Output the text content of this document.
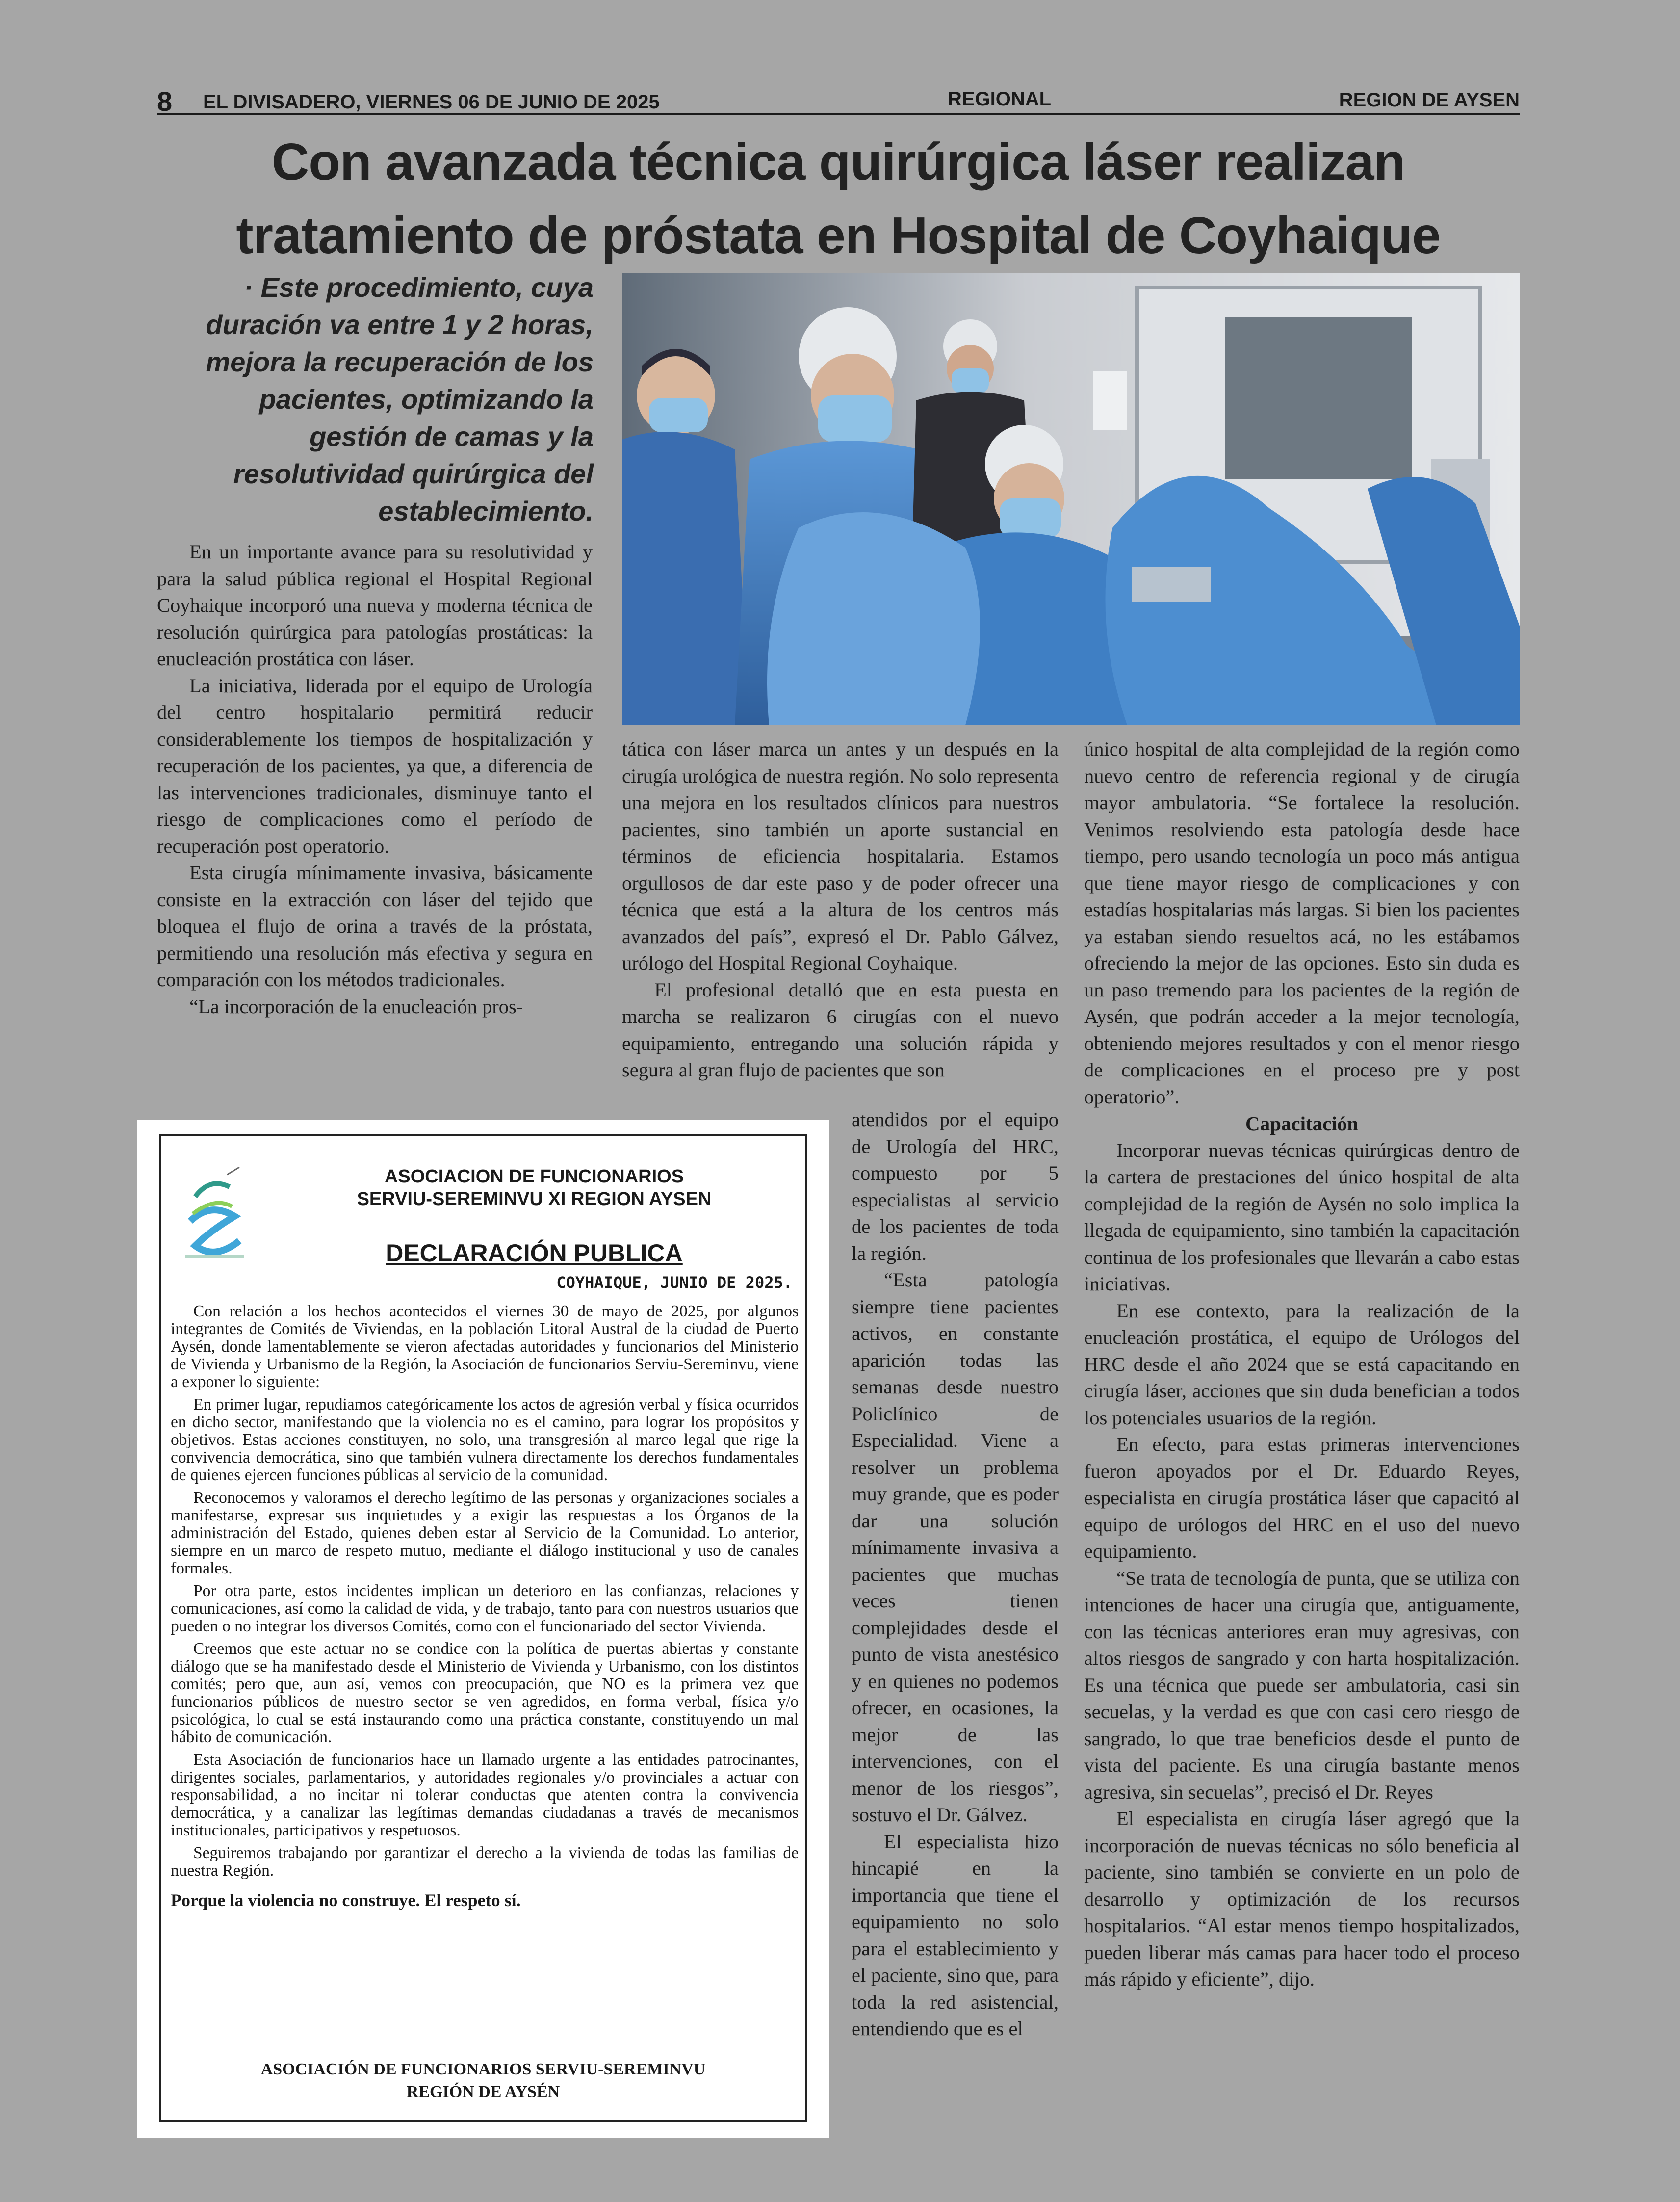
8 EL DIVISADERO, VIERNES 06 DE JUNIO DE 2025	REGIONAL	REGION DE AYSEN
Con avanzada técnica quirúrgica láser realizan
tratamiento de próstata en Hospital de Coyhaique
· Este procedimiento, cuya duración va entre 1 y 2 horas, mejora la recuperación de los pacientes, optimizando la gestión de camas y la resolutividad quirúrgica del establecimiento.

En un importante avance para su resolutividad y para la salud pública regional el Hospital Regional Coyhaique incorporó una nueva y moderna técnica de resolución quirúrgica para patologías prostáticas: la enucleación prostática con láser.

La iniciativa, liderada por el equipo de Urología del centro hospitalario permitirá reducir considerablemente los tiempos de hospitalización y recuperación de los pacientes, ya que, a diferencia de las intervenciones tradicionales, disminuye tanto el riesgo de complicaciones como el período de recuperación post operatorio.

Esta cirugía mínimamente invasiva, básicamente consiste en la extracción con láser del tejido que bloquea el flujo de orina a través de la próstata, permitiendo una resolución más efectiva y segura en comparación con los métodos tradicionales.

“La incorporación de la enucleación pros-

tática con láser marca un antes y un después en la cirugía urológica de nuestra región. No solo representa una mejora en los resultados clínicos para nuestros pacientes, sino también un aporte sustancial en términos de eficiencia hospitalaria. Estamos orgullosos de dar este paso y de poder ofrecer una técnica que está a la altura de los centros más avanzados del país”, expresó el Dr. Pablo Gálvez, urólogo del Hospital Regional Coyhaique.

El profesional detalló que en esta puesta en marcha se realizaron 6 cirugías con el nuevo equipamiento, entregando una solución rápida y segura al gran flujo de pacientes que son

atendidos por el equipo de Urología del HRC, compuesto por 5 especialistas al servicio de los pacientes de toda la región.

“Esta patología siempre tiene pacientes activos, en constante aparición todas las semanas desde nuestro Policlínico de Especialidad. Viene a resolver un problema muy grande, que es poder dar una solución mínimamente invasiva a pacientes que muchas veces tienen complejidades desde el punto de vista anestésico y en quienes no podemos ofrecer, en ocasiones, la mejor de las intervenciones, con el menor de los riesgos”, sostuvo el Dr. Gálvez.

El especialista hizo hincapié en la importancia que tiene el equipamiento no solo para el establecimiento y el paciente, sino que, para toda la red asistencial, entendiendo que es el

único hospital de alta complejidad de la región como nuevo centro de referencia regional y de cirugía mayor ambulatoria. “Se fortalece la resolución. Venimos resolviendo esta patología desde hace tiempo, pero usando tecnología un poco más antigua que tiene mayor riesgo de complicaciones y con estadías hospitalarias más largas. Si bien los pacientes ya estaban siendo resueltos acá, no les estábamos ofreciendo la mejor de las opciones. Esto sin duda es un paso tremendo para los pacientes de la región de Aysén, que podrán acceder a la mejor tecnología, obteniendo mejores resultados y con el menor riesgo de complicaciones en el proceso pre y post operatorio”.

Capacitación

Incorporar nuevas técnicas quirúrgicas dentro de la cartera de prestaciones del único hospital de alta complejidad de la región de Aysén no solo implica la llegada de equipamiento, sino también la capacitación continua de los profesionales que llevarán a cabo estas iniciativas.

En ese contexto, para la realización de la enucleación prostática, el equipo de Urólogos del HRC desde el año 2024 que se está capacitando en cirugía láser, acciones que sin duda benefician a todos los potenciales usuarios de la región.

En efecto, para estas primeras intervenciones fueron apoyados por el Dr. Eduardo Reyes, especialista en cirugía prostática láser que capacitó al equipo de urólogos del HRC en el uso del nuevo equipamiento.

“Se trata de tecnología de punta, que se utiliza con intenciones de hacer una cirugía que, antiguamente, con las técnicas anteriores eran muy agresivas, con altos riesgos de sangrado y con harta hospitalización. Es una técnica que puede ser ambulatoria, casi sin secuelas, y la verdad es que con casi cero riesgo de sangrado, lo que trae beneficios desde el punto de vista del paciente. Es una cirugía bastante menos agresiva, sin secuelas”, precisó el Dr. Reyes

El especialista en cirugía láser agregó que la incorporación de nuevas técnicas no sólo beneficia al paciente, sino también se convierte en un polo de desarrollo y optimización de los recursos hospitalarios. “Al estar menos tiempo hospitalizados, pueden liberar más camas para hacer todo el proceso más rápido y eficiente”, dijo.

ASOCIACION DE FUNCIONARIOS
SERVIU-SEREMINVU XI REGION AYSEN
DECLARACIÓN PUBLICA
COYHAIQUE, JUNIO DE 2025.

Con relación a los hechos acontecidos el viernes 30 de mayo de 2025, por algunos integrantes de Comités de Viviendas, en la población Litoral Austral de la ciudad de Puerto Aysén, donde lamentablemente se vieron afectadas autoridades y funcionarios del Ministerio de Vivienda y Urbanismo de la Región, la Asociación de funcionarios Serviu-Sereminvu, viene a exponer lo siguiente:

En primer lugar, repudiamos categóricamente los actos de agresión verbal y física ocurridos en dicho sector, manifestando que la violencia no es el camino, para lograr los propósitos y objetivos. Estas acciones constituyen, no solo, una transgresión al marco legal que rige la convivencia democrática, sino que también vulnera directamente los derechos fundamentales de quienes ejercen funciones públicas al servicio de la comunidad.

Reconocemos y valoramos el derecho legítimo de las personas y organizaciones sociales a manifestarse, expresar sus inquietudes y a exigir las respuestas a los Órganos de la administración del Estado, quienes deben estar al Servicio de la Comunidad. Lo anterior, siempre en un marco de respeto mutuo, mediante el diálogo institucional y uso de canales formales.

Por otra parte, estos incidentes implican un deterioro en las confianzas, relaciones y comunicaciones, así como la calidad de vida, y de trabajo, tanto para con nuestros usuarios que pueden o no integrar los diversos Comités, como con el funcionariado del sector Vivienda.

Creemos que este actuar no se condice con la política de puertas abiertas y constante diálogo que se ha manifestado desde el Ministerio de Vivienda y Urbanismo, con los distintos comités; pero que, aun así, vemos con preocupación, que NO es la primera vez que funcionarios públicos de nuestro sector se ven agredidos, en forma verbal, física y/o psicológica, lo cual se está instaurando como una práctica constante, constituyendo un mal hábito de comunicación.

Esta Asociación de funcionarios hace un llamado urgente a las entidades patrocinantes, dirigentes sociales, parlamentarios, y autoridades regionales y/o provinciales a actuar con responsabilidad, a no incitar ni tolerar conductas que atenten contra la convivencia democrática, y a canalizar las legítimas demandas ciudadanas a través de mecanismos institucionales, participativos y respetuosos.

Seguiremos trabajando por garantizar el derecho a la vivienda de todas las familias de nuestra Región.

Porque la violencia no construye. El respeto sí.

ASOCIACIÓN DE FUNCIONARIOS SERVIU-SEREMINVU
REGIÓN DE AYSÉN
